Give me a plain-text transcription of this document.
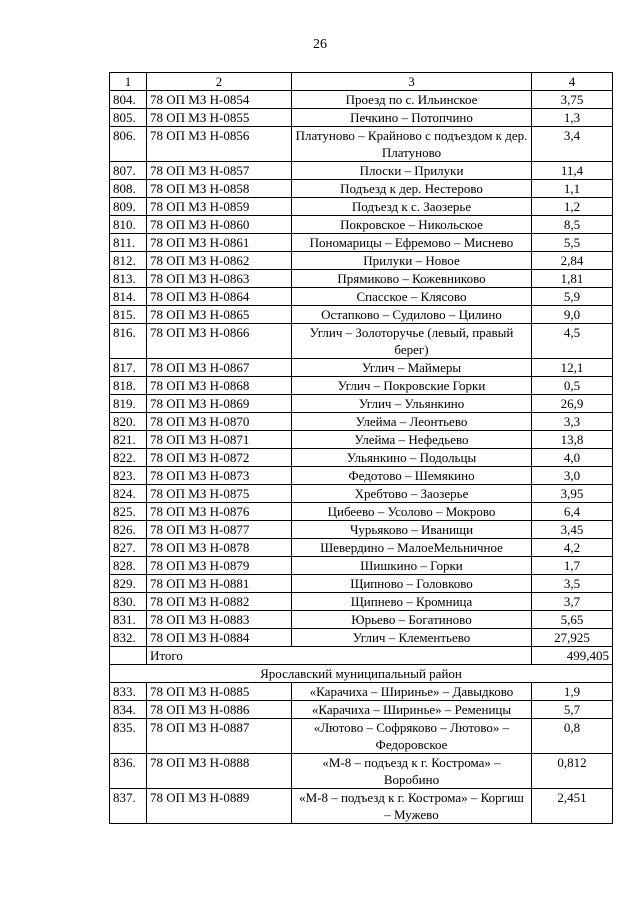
26
1	2	3	4
804.	78 ОП МЗ Н-0854	Проезд по с. Ильинское	3,75
805.	78 ОП МЗ Н-0855	Печкино – Потопчино	1,3
806.	78 ОП МЗ Н-0856	Платуново – Крайново с подъездом к дер. Платуново	3,4
807.	78 ОП МЗ Н-0857	Плоски – Прилуки	11,4
808.	78 ОП МЗ Н-0858	Подъезд к дер. Нестерово	1,1
809.	78 ОП МЗ Н-0859	Подъезд к с. Заозерье	1,2
810.	78 ОП МЗ Н-0860	Покровское – Никольское	8,5
811.	78 ОП МЗ Н-0861	Пономарицы – Ефремово – Миснево	5,5
812.	78 ОП МЗ Н-0862	Прилуки – Новое	2,84
813.	78 ОП МЗ Н-0863	Прямиково – Кожевниково	1,81
814.	78 ОП МЗ Н-0864	Спасское – Клясово	5,9
815.	78 ОП МЗ Н-0865	Остапково – Судилово – Цилино	9,0
816.	78 ОП МЗ Н-0866	Углич – Золоторучье (левый, правый берег)	4,5
817.	78 ОП МЗ Н-0867	Углич – Маймеры	12,1
818.	78 ОП МЗ Н-0868	Углич – Покровские Горки	0,5
819.	78 ОП МЗ Н-0869	Углич – Ульянкино	26,9
820.	78 ОП МЗ Н-0870	Улейма – Леонтьево	3,3
821.	78 ОП МЗ Н-0871	Улейма – Нефедьево	13,8
822.	78 ОП МЗ Н-0872	Ульянкино – Подольцы	4,0
823.	78 ОП МЗ Н-0873	Федотово – Шемякино	3,0
824.	78 ОП МЗ Н-0875	Хребтово – Заозерье	3,95
825.	78 ОП МЗ Н-0876	Цибеево – Усолово – Мокрово	6,4
826.	78 ОП МЗ Н-0877	Чурьяково – Иванищи	3,45
827.	78 ОП МЗ Н-0878	Шевердино – МалоеМельничное	4,2
828.	78 ОП МЗ Н-0879	Шишкино – Горки	1,7
829.	78 ОП МЗ Н-0881	Щипново – Головково	3,5
830.	78 ОП МЗ Н-0882	Щипнево – Кромница	3,7
831.	78 ОП МЗ Н-0883	Юрьево – Богатиново	5,65
832.	78 ОП МЗ Н-0884	Углич – Клементьево	27,925
	Итого		499,405
Ярославский муниципальный район			
833.	78 ОП МЗ Н-0885	«Карачиха – Ширинье» – Давыдково	1,9
834.	78 ОП МЗ Н-0886	«Карачиха – Ширинье» – Ременицы	5,7
835.	78 ОП МЗ Н-0887	«Лютово – Софряково – Лютово» – Федоровское	0,8
836.	78 ОП МЗ Н-0888	«М-8 – подъезд к г. Кострома» – Воробино	0,812
837.	78 ОП МЗ Н-0889	«М-8 – подъезд к г. Кострома» – Коргиш – Мужево	2,451
